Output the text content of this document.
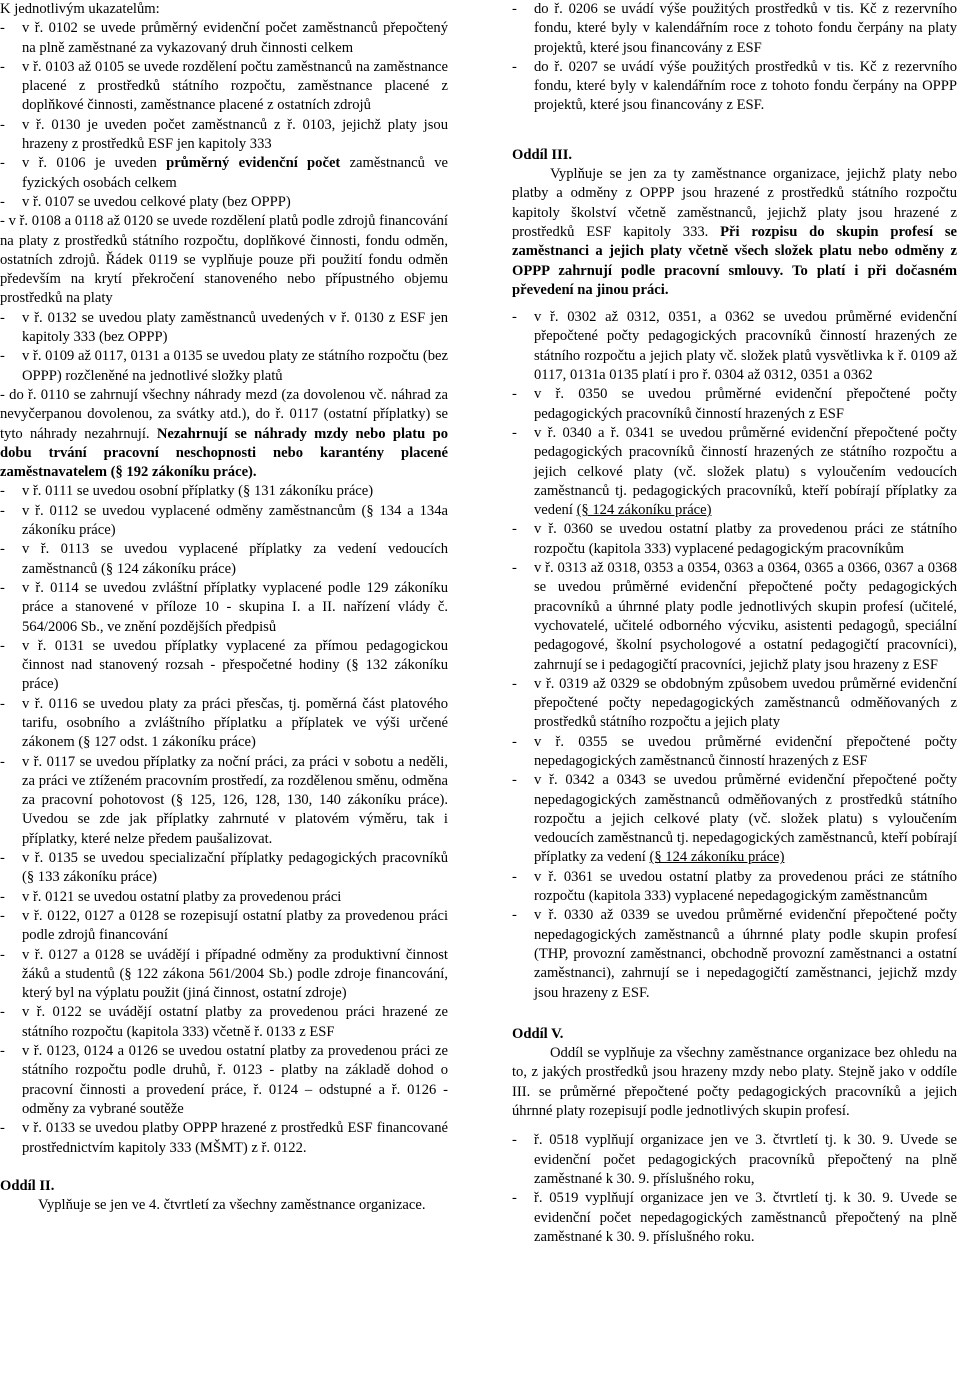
K jednotlivým ukazatelům:

-	v ř. 0102 se uvede průměrný evidenční počet zaměstnanců přepočtený na plně zaměstnané za vykazovaný druh činnosti celkem
-	v ř. 0103 až 0105 se uvede rozdělení počtu zaměstnanců na zaměstnance placené z prostředků státního rozpočtu, zaměstnance placené z doplňkové činnosti, zaměstnance placené z ostatních zdrojů
-	v ř. 0130 je uveden počet zaměstnanců z ř. 0103, jejichž platy jsou hrazeny z prostředků ESF jen kapitoly 333
-	v ř. 0106 je uveden průměrný evidenční počet zaměstnanců ve fyzických osobách celkem
-	v ř. 0107 se uvedou celkové platy (bez OPPP)
- v ř. 0108 a 0118 až 0120 se uvede rozdělení platů podle zdrojů financování na platy z prostředků státního rozpočtu, doplňkové činnosti, fondu odměn, ostatních zdrojů. Řádek 0119 se vyplňuje pouze při použití fondu odměn především na krytí překročení stanoveného nebo přípustného objemu prostředků na platy
-	v ř. 0132 se uvedou platy zaměstnanců uvedených v ř. 0130 z ESF jen kapitoly 333 (bez OPPP)
-	v ř. 0109 až 0117, 0131 a 0135 se uvedou platy ze státního rozpočtu (bez OPPP) rozčleněné na jednotlivé složky platů
- do ř. 0110 se zahrnují všechny náhrady mezd (za dovolenou vč. náhrad za nevyčerpanou dovolenou, za svátky atd.), do ř. 0117 (ostatní příplatky) se tyto náhrady nezahrnují. Nezahrnují se náhrady mzdy nebo platu po dobu trvání pracovní neschopnosti nebo karantény placené zaměstnavatelem (§ 192 zákoníku práce).
-	v ř. 0111 se uvedou osobní příplatky (§ 131 zákoníku práce)
-	v ř. 0112 se uvedou vyplacené odměny zaměstnancům (§ 134 a 134a zákoníku práce)
-	v ř. 0113 se uvedou vyplacené příplatky za vedení vedoucích zaměstnanců (§ 124 zákoníku práce)
-	v ř. 0114 se uvedou zvláštní příplatky vyplacené podle 129 zákoníku práce a stanovené v příloze 10 - skupina I. a II. nařízení vlády č. 564/2006 Sb., ve znění pozdějších předpisů
-	v ř. 0131 se uvedou příplatky vyplacené za přímou pedagogickou činnost nad stanovený rozsah - přespočetné hodiny (§ 132 zákoníku práce)
-	v ř. 0116 se uvedou platy za práci přesčas, tj. poměrná část platového tarifu, osobního a zvláštního příplatku a příplatek ve výši určené zákonem (§ 127 odst. 1 zákoníku práce)
-	v ř. 0117 se uvedou příplatky za noční práci, za práci v sobotu a neděli, za práci ve ztíženém pracovním prostředí, za rozdělenou směnu, odměna za pracovní pohotovost (§ 125, 126, 128, 130, 140 zákoníku práce). Uvedou se zde jak příplatky zahrnuté v platovém výměru, tak i příplatky, které nelze předem paušalizovat.
-	v ř. 0135 se uvedou specializační příplatky pedagogických pracovníků (§ 133 zákoníku práce)
-	v ř. 0121 se uvedou ostatní platby za provedenou práci
-	v ř. 0122, 0127 a 0128 se rozepisují ostatní platby za provedenou práci podle zdrojů financování
-	v ř. 0127 a 0128 se uvádějí i případné odměny za produktivní činnost žáků a studentů (§ 122 zákona 561/2004 Sb.) podle zdroje financování, který byl na výplatu použit (jiná činnost, ostatní zdroje)
-	v ř. 0122 se uvádějí ostatní platby za provedenou práci hrazené ze státního rozpočtu (kapitola 333) včetně ř. 0133 z ESF
-	v ř. 0123, 0124 a 0126 se uvedou ostatní platby za provedenou práci ze státního rozpočtu podle druhů, ř. 0123 - platby na základě dohod o pracovní činnosti a provedení práce, ř. 0124 – odstupné a ř. 0126 - odměny za vybrané soutěže
-	v ř. 0133 se uvedou platby OPPP hrazené z prostředků ESF financované prostřednictvím kapitoly 333 (MŠMT) z ř. 0122.

Oddíl II.

Vyplňuje se jen ve 4. čtvrtletí za všechny zaměstnance organizace.

-	do ř. 0206 se uvádí výše použitých prostředků v tis. Kč z rezervního fondu, které byly v kalendářním roce z tohoto fondu čerpány na platy projektů, které jsou financovány z ESF
-	do ř. 0207 se uvádí výše použitých prostředků v tis. Kč z rezervního fondu, které byly v kalendářním roce z tohoto fondu čerpány na OPPP projektů, které jsou financovány z ESF.

Oddíl III.

Vyplňuje se jen za ty zaměstnance organizace, jejichž platy nebo platby a odměny z OPPP jsou hrazené z prostředků státního rozpočtu kapitoly školství včetně zaměstnanců, jejichž platy jsou hrazené z prostředků ESF kapitoly 333. Při rozpisu do skupin profesí se zaměstnanci a jejich platy včetně všech složek platu nebo odměny z OPPP zahrnují podle pracovní smlouvy. To platí i při dočasném převedení na jinou práci.

-	v ř. 0302 až 0312, 0351, a 0362 se uvedou průměrné evidenční přepočtené počty pedagogických pracovníků činností hrazených ze státního rozpočtu a jejich platy vč. složek platů vysvětlivka k ř. 0109 až 0117, 0131a 0135 platí i pro ř. 0304 až 0312, 0351 a 0362
-	v ř. 0350 se uvedou průměrné evidenční přepočtené počty pedagogických pracovníků činností hrazených z ESF
-	v ř. 0340 a ř. 0341 se uvedou průměrné evidenční přepočtené počty pedagogických pracovníků činností hrazených ze státního rozpočtu a jejich celkové platy (vč. složek platu) s vyloučením vedoucích zaměstnanců tj. pedagogických pracovníků, kteří pobírají příplatky za vedení (§ 124 zákoníku práce)
-	v ř. 0360 se uvedou ostatní platby za provedenou práci ze státního rozpočtu (kapitola 333) vyplacené pedagogickým pracovníkům
-	v ř. 0313 až 0318, 0353 a 0354, 0363 a 0364, 0365 a 0366, 0367 a 0368 se uvedou průměrné evidenční přepočtené počty pedagogických pracovníků a úhrnné platy podle jednotlivých skupin profesí (učitelé, vychovatelé, učitelé odborného výcviku, asistenti pedagogů, speciální pedagogové, školní psychologové a ostatní pedagogičtí pracovníci), zahrnují se i pedagogičtí pracovníci, jejichž platy jsou hrazeny z ESF
-	v ř. 0319 až 0329 se obdobným způsobem uvedou průměrné evidenční přepočtené počty nepedagogických zaměstnanců odměňovaných z prostředků státního rozpočtu a jejich platy
-	v ř. 0355 se uvedou průměrné evidenční přepočtené počty nepedagogických zaměstnanců činností hrazených z ESF
-	v ř. 0342 a 0343 se uvedou průměrné evidenční přepočtené počty nepedagogických zaměstnanců odměňovaných z prostředků státního rozpočtu a jejich celkové platy (vč. složek platu) s vyloučením vedoucích zaměstnanců tj. nepedagogických zaměstnanců, kteří pobírají příplatky za vedení (§ 124 zákoníku práce)
-	v ř. 0361 se uvedou ostatní platby za provedenou práci ze státního rozpočtu (kapitola 333) vyplacené nepedagogickým zaměstnancům
-	v ř. 0330 až 0339 se uvedou průměrné evidenční přepočtené počty nepedagogických zaměstnanců a úhrnné platy podle skupin profesí (THP, provozní zaměstnanci, obchodně provozní zaměstnanci a ostatní zaměstnanci), zahrnují se i nepedagogičtí zaměstnanci, jejichž mzdy jsou hrazeny z ESF.

Oddíl V.

Oddíl se vyplňuje za všechny zaměstnance organizace bez ohledu na to, z jakých prostředků jsou hrazeny mzdy nebo platy. Stejně jako v oddíle III. se průměrné přepočtené počty pedagogických pracovníků a jejich úhrnné platy rozepisují podle jednotlivých skupin profesí.

-	ř. 0518 vyplňují organizace jen ve 3. čtvrtletí tj. k 30. 9. Uvede se evidenční počet pedagogických pracovníků přepočtený na plně zaměstnané k 30. 9. příslušného roku,
-	ř. 0519 vyplňují organizace jen ve 3. čtvrtletí tj. k 30. 9. Uvede se evidenční počet nepedagogických zaměstnanců přepočtený na plně zaměstnané k 30. 9. příslušného roku.
